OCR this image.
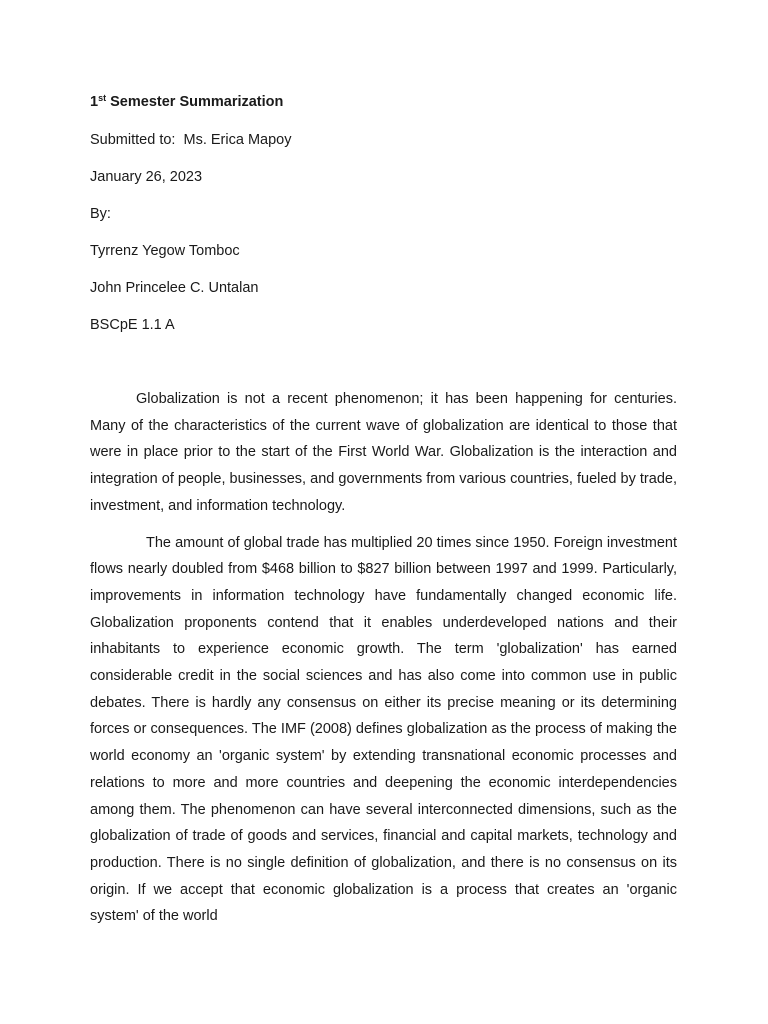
1st Semester Summarization

Submitted to:  Ms. Erica Mapoy

January 26, 2023

By:

Tyrrenz Yegow Tomboc

John Princelee C. Untalan

BSCpE 1.1 A

Globalization is not a recent phenomenon; it has been happening for centuries. Many of the characteristics of the current wave of globalization are identical to those that were in place prior to the start of the First World War. Globalization is the interaction and integration of people, businesses, and governments from various countries, fueled by trade, investment, and information technology.

The amount of global trade has multiplied 20 times since 1950. Foreign investment flows nearly doubled from $468 billion to $827 billion between 1997 and 1999. Particularly, improvements in information technology have fundamentally changed economic life. Globalization proponents contend that it enables underdeveloped nations and their inhabitants to experience economic growth. The term 'globalization' has earned considerable credit in the social sciences and has also come into common use in public debates. There is hardly any consensus on either its precise meaning or its determining forces or consequences. The IMF (2008) defines globalization as the process of making the world economy an 'organic system' by extending transnational economic processes and relations to more and more countries and deepening the economic interdependencies among them. The phenomenon can have several interconnected dimensions, such as the globalization of trade of goods and services, financial and capital markets, technology and production. There is no single definition of globalization, and there is no consensus on its origin. If we accept that economic globalization is a process that creates an 'organic system' of the world
